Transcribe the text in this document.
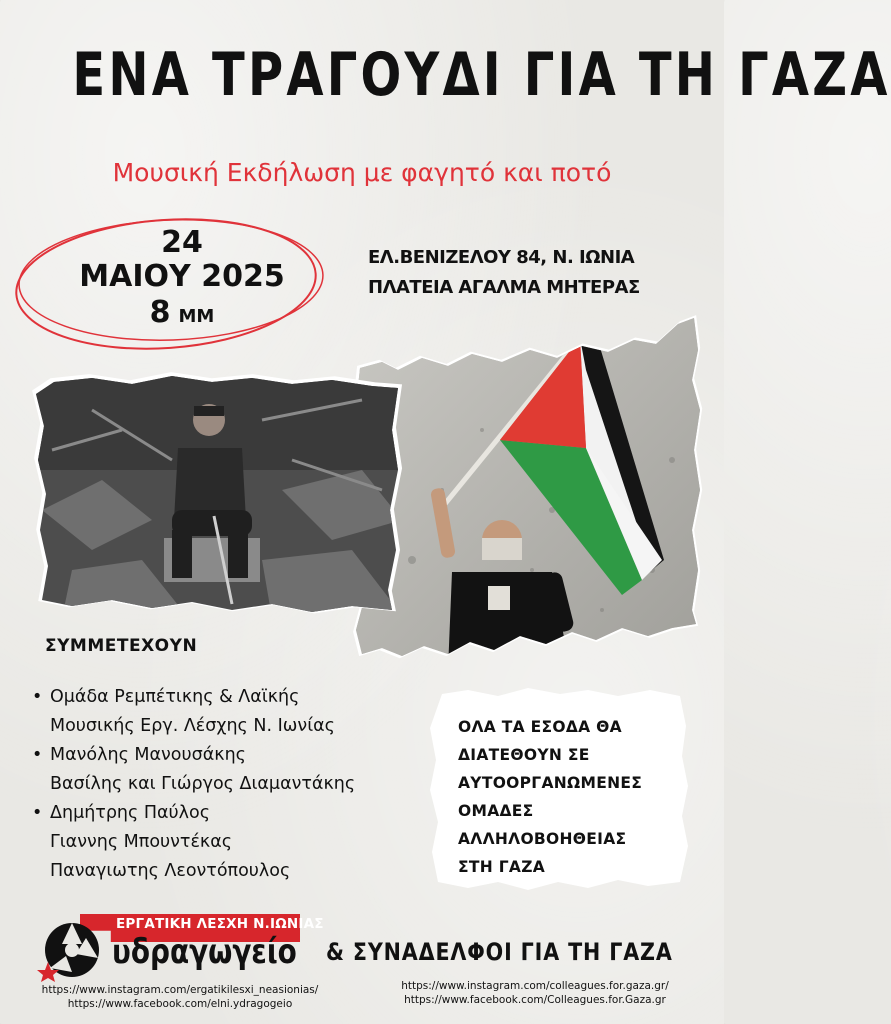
ΕΝΑ ΤΡΑΓΟΥΔΙ ΓΙΑ ΤΗ ΓΑΖΑ
Μουσική Εκδήλωση με φαγητό και ποτό
24
ΜΑΙΟΥ 2025
8 ΜΜ
ΕΛ.ΒΕΝΙΖΕΛΟΥ 84, Ν. ΙΩΝΙΑ
ΠΛΑΤΕΙΑ ΑΓΑΛΜΑ ΜΗΤΕΡΑΣ
ΣΥΜΜΕΤΕΧΟΥΝ
• Ομάδα Ρεμπέτικης & Λαϊκής
Μουσικής Εργ. Λέσχης Ν. Ιωνίας
• Μανόλης Μανουσάκης
Βασίλης και Γιώργος Διαμαντάκης
• Δημήτρης Παύλος
Γιαννης Μπουντέκας
Παναγιωτης Λεοντόπουλος
ΟΛΑ ΤΑ ΕΣΟΔΑ ΘΑ
ΔΙΑΤΕΘΟΥΝ ΣΕ
ΑΥΤΟΟΡΓΑΝΩΜΕΝΕΣ
ΟΜΑΔΕΣ
ΑΛΛΗΛΟΒΟΗΘΕΙΑΣ
ΣΤΗ ΓΑΖΑ
ΕΡΓΑΤΙΚΗ ΛΕΣΧΗ Ν.ΙΩΝΙΑΣ
υδραγωγείο & ΣΥΝΑΔΕΛΦΟΙ ΓΙΑ ΤΗ ΓΑΖΑ
https://www.instagram.com/ergatikilesxi_neasionias/
https://www.facebook.com/elni.ydragogeio
https://www.instagram.com/colleagues.for.gaza.gr/
https://www.facebook.com/Colleagues.for.Gaza.gr
